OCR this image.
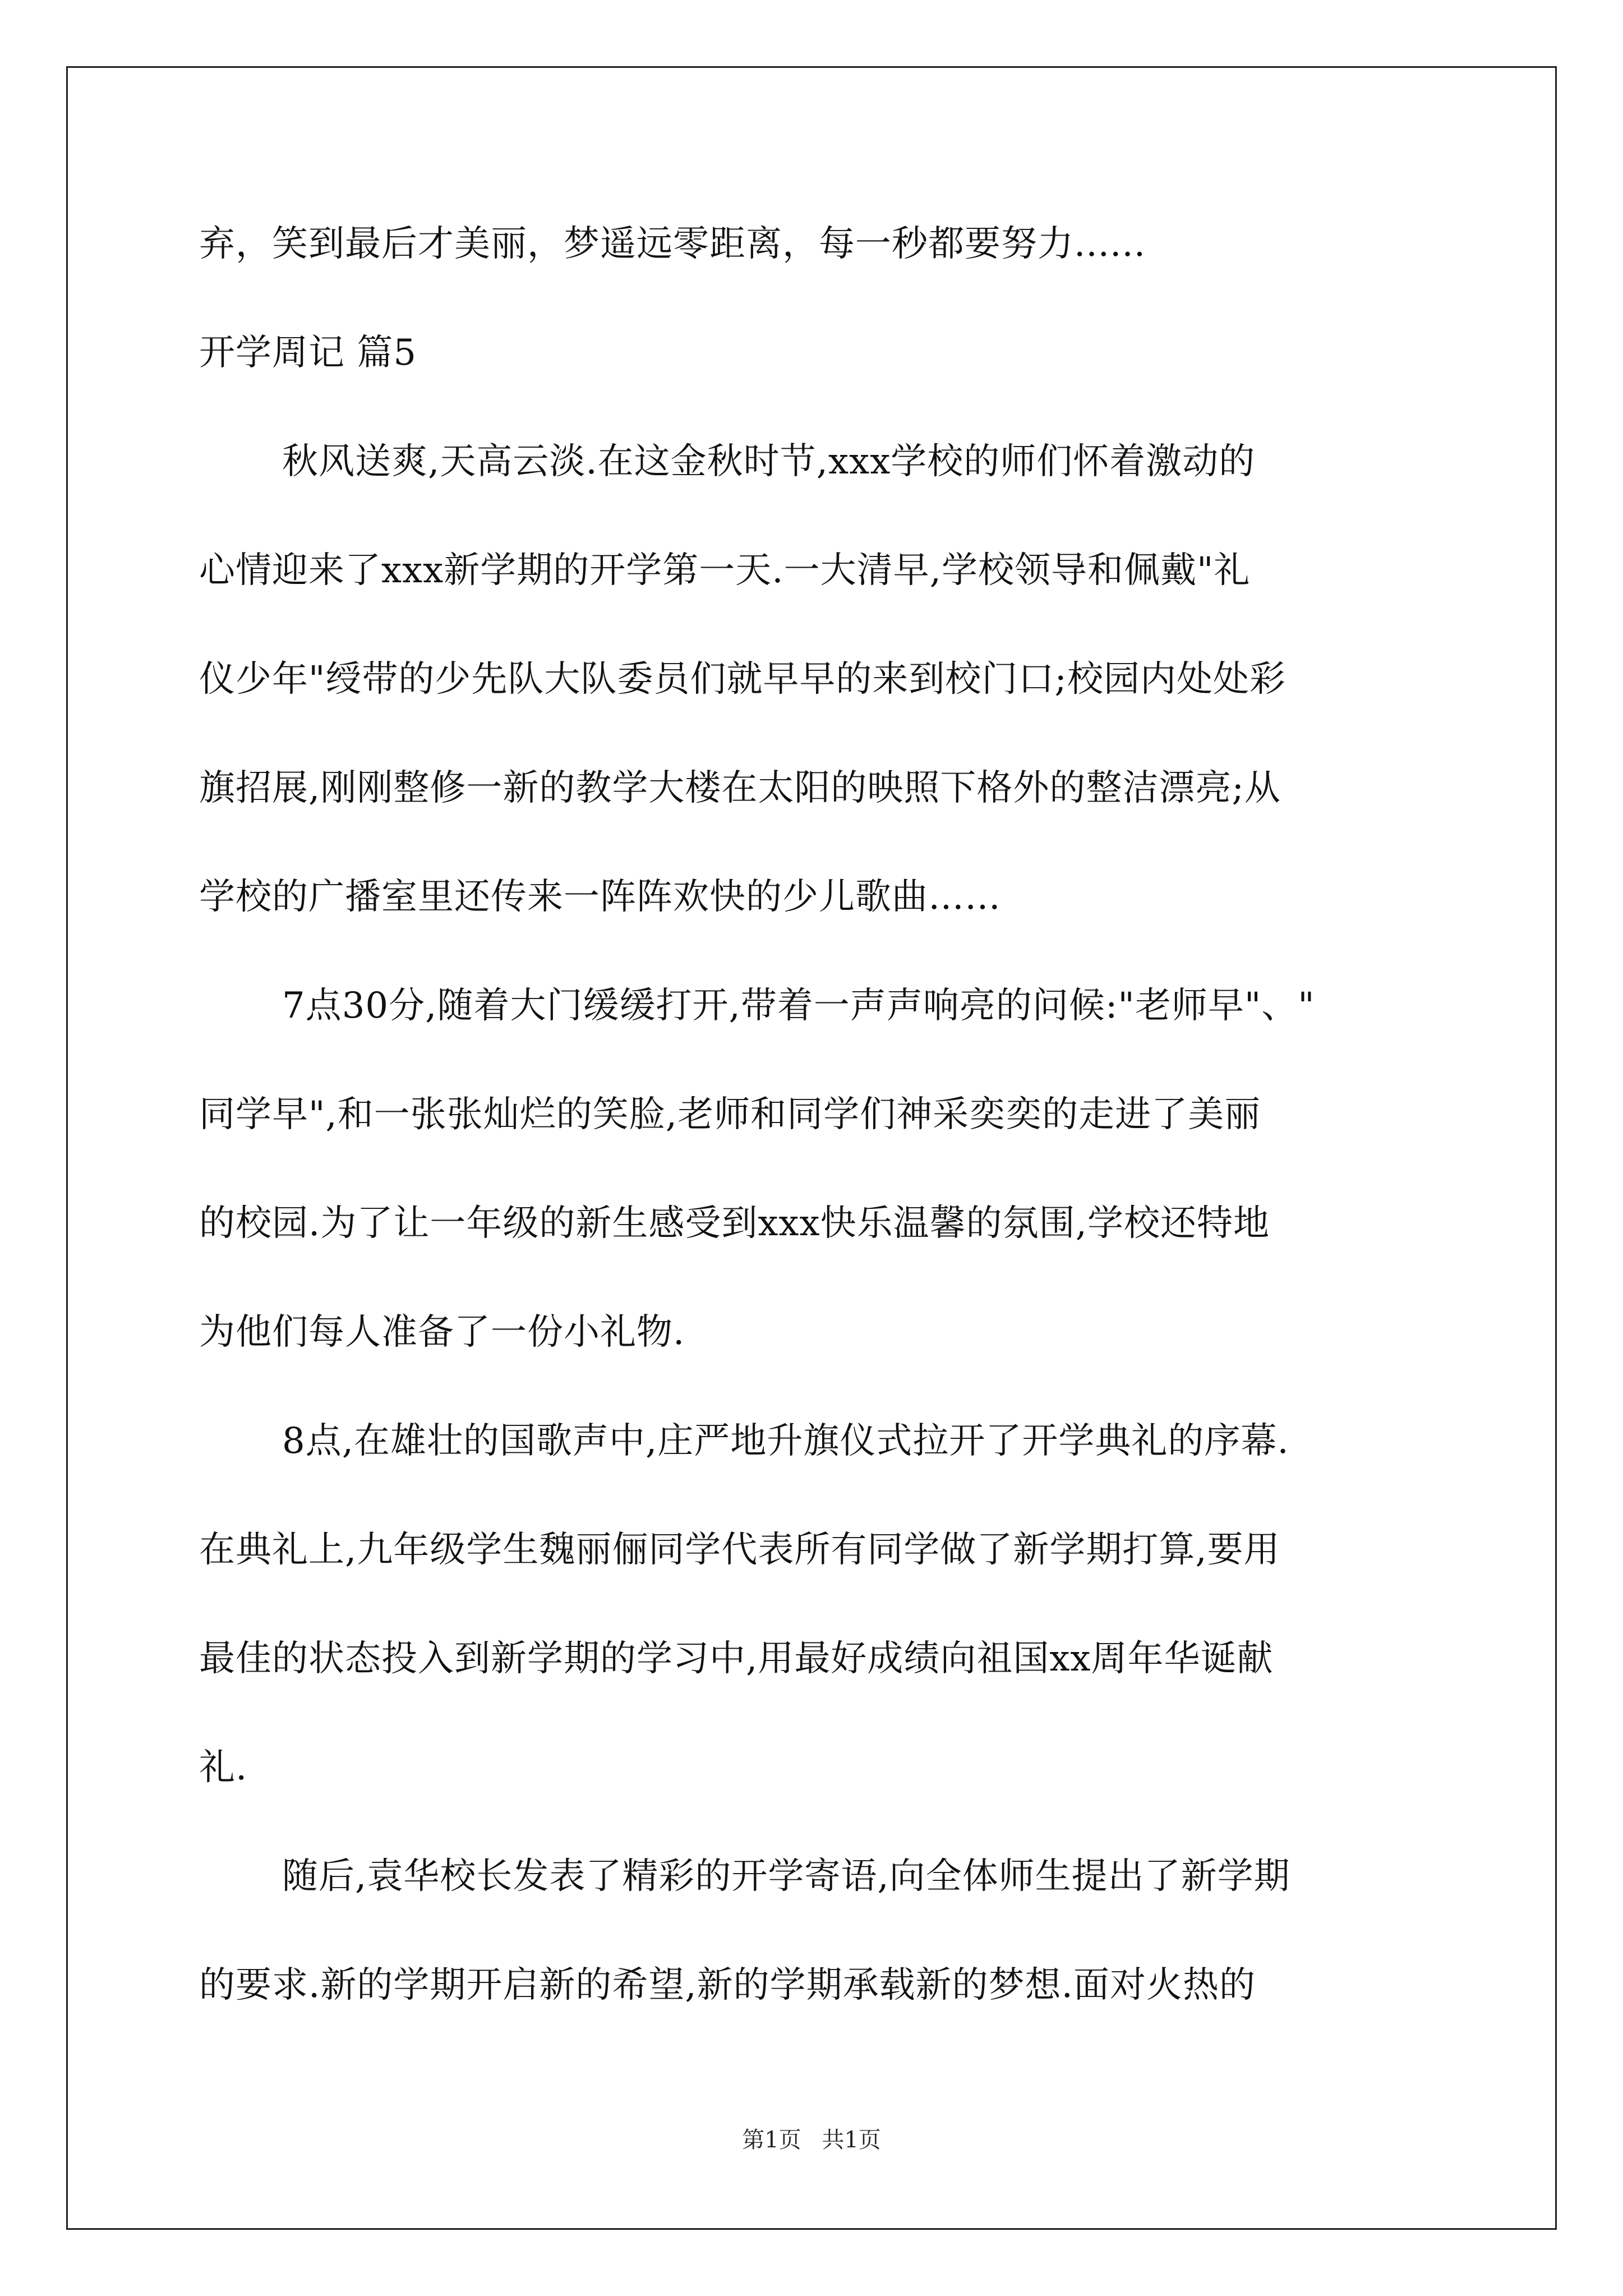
弃，笑到最后才美丽，梦遥远零距离，每一秒都要努力......
开学周记 篇5
秋风送爽,天高云淡.在这金秋时节,xxx学校的师们怀着激动的
心情迎来了xxx新学期的开学第一天.一大清早,学校领导和佩戴"礼
仪少年"绶带的少先队大队委员们就早早的来到校门口;校园内处处彩
旗招展,刚刚整修一新的教学大楼在太阳的映照下格外的整洁漂亮;从
学校的广播室里还传来一阵阵欢快的少儿歌曲……
7点30分,随着大门缓缓打开,带着一声声响亮的问候:"老师早"、"
同学早",和一张张灿烂的笑脸,老师和同学们神采奕奕的走进了美丽
的校园.为了让一年级的新生感受到xxx快乐温馨的氛围,学校还特地
为他们每人准备了一份小礼物.
8点,在雄壮的国歌声中,庄严地升旗仪式拉开了开学典礼的序幕.
在典礼上,九年级学生魏丽俪同学代表所有同学做了新学期打算,要用
最佳的状态投入到新学期的学习中,用最好成绩向祖国xx周年华诞献
礼.
随后,袁华校长发表了精彩的开学寄语,向全体师生提出了新学期
的要求.新的学期开启新的希望,新的学期承载新的梦想.面对火热的
第1页 共1页
